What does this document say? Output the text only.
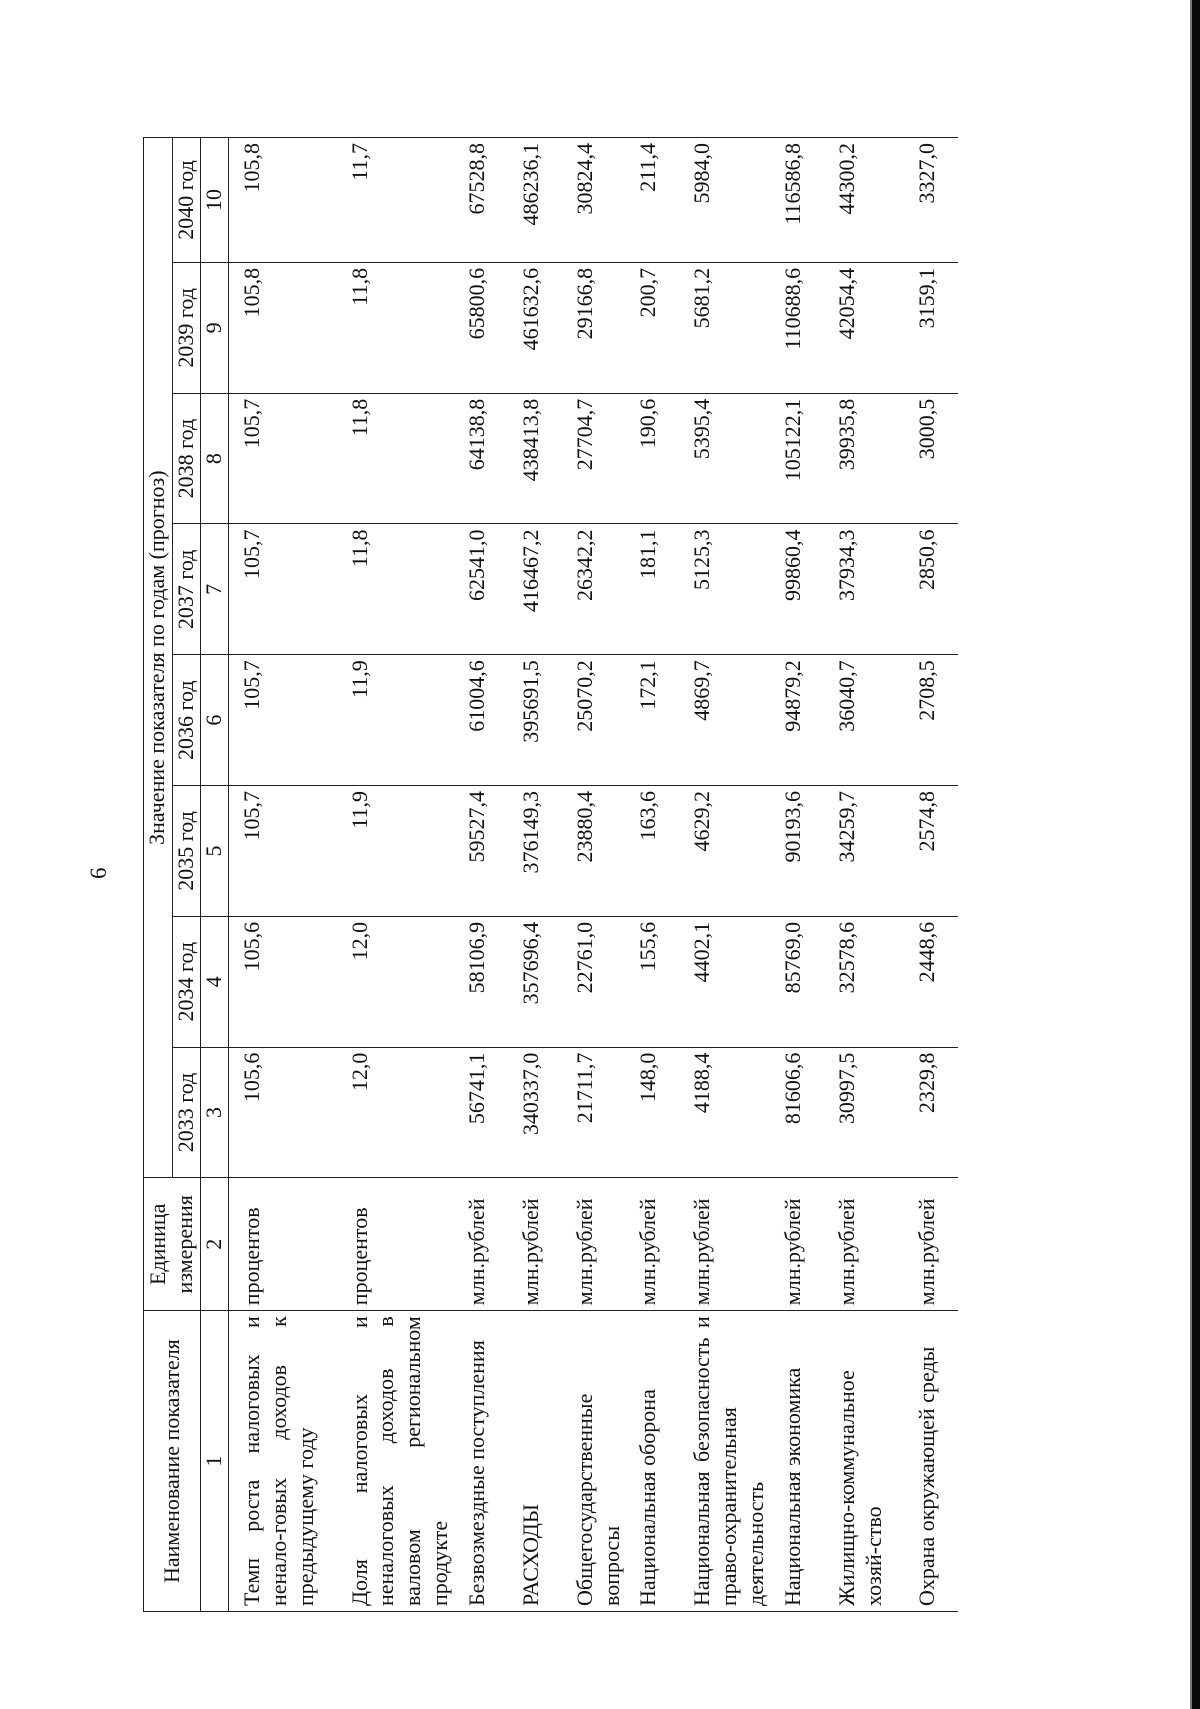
6
Наименование показателя	Единица измерения	Значение показателя по годам (прогноз)							
		2033 год	2034 год	2035 год	2036 год	2037 год	2038 год	2039 год	2040 год
1	2	3	4	5	6	7	8	9	10
Темп роста налоговых и ненало-говых доходов к предыдущему году	процентов	105,6	105,6	105,7	105,7	105,7	105,7	105,8	105,8
Доля налоговых и неналоговых доходов в валовом региональном продукте	процентов	12,0	12,0	11,9	11,9	11,8	11,8	11,8	11,7
Безвозмездные поступления	млн.рублей	56741,1	58106,9	59527,4	61004,6	62541,0	64138,8	65800,6	67528,8
РАСХОДЫ	млн.рублей	340337,0	357696,4	376149,3	395691,5	416467,2	438413,8	461632,6	486236,1
Общегосударственные вопросы	млн.рублей	21711,7	22761,0	23880,4	25070,2	26342,2	27704,7	29166,8	30824,4
Национальная оборона	млн.рублей	148,0	155,6	163,6	172,1	181,1	190,6	200,7	211,4
Национальная безопасность и право-охранительная деятельность	млн.рублей	4188,4	4402,1	4629,2	4869,7	5125,3	5395,4	5681,2	5984,0
Национальная экономика	млн.рублей	81606,6	85769,0	90193,6	94879,2	99860,4	105122,1	110688,6	116586,8
Жилищно-коммунальное хозяй-ство	млн.рублей	30997,5	32578,6	34259,7	36040,7	37934,3	39935,8	42054,4	44300,2
Охрана окружающей среды	млн.рублей	2329,8	2448,6	2574,8	2708,5	2850,6	3000,5	3159,1	3327,0
